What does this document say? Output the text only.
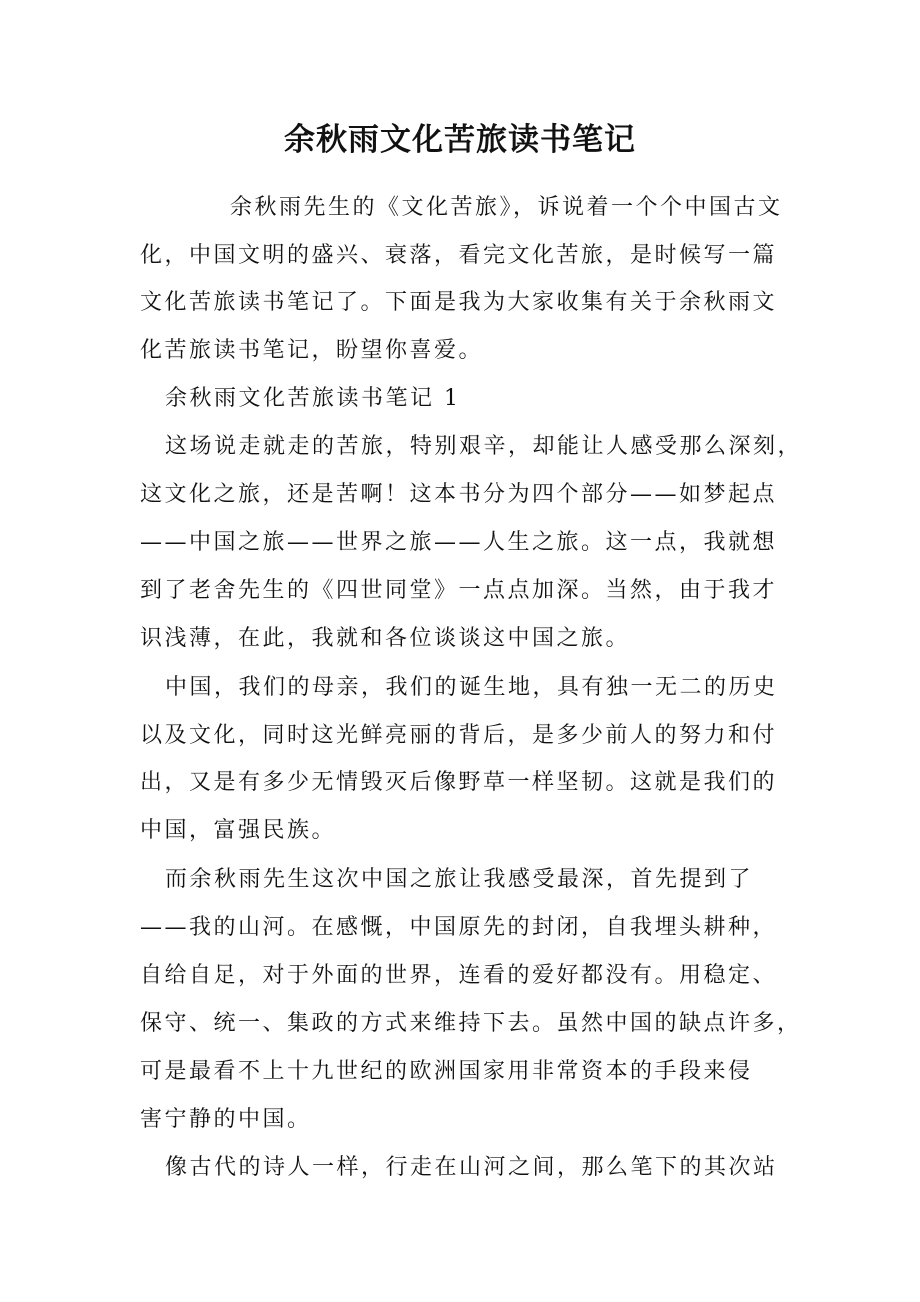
余秋雨文化苦旅读书笔记
余秋雨先生的《文化苦旅》，诉说着一个个中国古文
化，中国文明的盛兴、衰落，看完文化苦旅，是时候写一篇
文化苦旅读书笔记了。下面是我为大家收集有关于余秋雨文
化苦旅读书笔记，盼望你喜爱。
余秋雨文化苦旅读书笔记 1
这场说走就走的苦旅，特别艰辛，却能让人感受那么深刻，
这文化之旅，还是苦啊！这本书分为四个部分——如梦起点
——中国之旅——世界之旅——人生之旅。这一点，我就想
到了老舍先生的《四世同堂》一点点加深。当然，由于我才
识浅薄，在此，我就和各位谈谈这中国之旅。
中国，我们的母亲，我们的诞生地，具有独一无二的历史
以及文化，同时这光鲜亮丽的背后，是多少前人的努力和付
出，又是有多少无情毁灭后像野草一样坚韧。这就是我们的
中国，富强民族。
而余秋雨先生这次中国之旅让我感受最深，首先提到了
——我的山河。在感慨，中国原先的封闭，自我埋头耕种，
自给自足，对于外面的世界，连看的爱好都没有。用稳定、
保守、统一、集政的方式来维持下去。虽然中国的缺点许多，
可是最看不上十九世纪的欧洲国家用非常资本的手段来侵
害宁静的中国。
像古代的诗人一样，行走在山河之间，那么笔下的其次站
